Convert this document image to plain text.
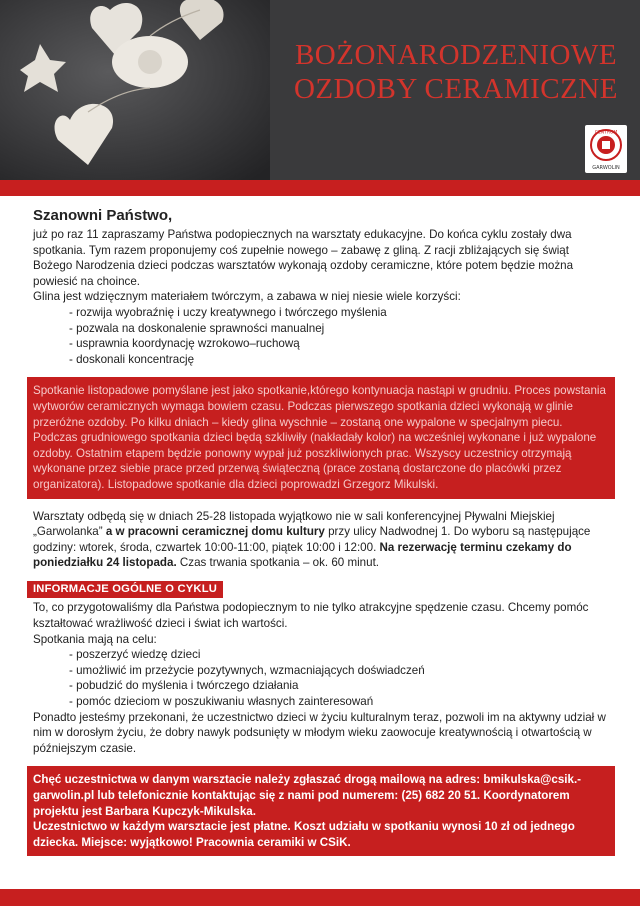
BOŻONARODZENIOWE
OZDOBY CERAMICZNE
CENTRUM
GARWOLIN
Szanowni Państwo,

już po raz 11 zapraszamy Państwa podopiecznych na warsztaty edukacyjne. Do końca cyklu zostały dwa spotkania. Tym razem proponujemy coś zupełnie nowego – zabawę z gliną. Z racji zbliżających się świąt Bożego Narodzenia dzieci podczas warsztatów wykonają ozdoby ceramiczne, które potem będzie można powiesić na choince.

Glina jest wdzięcznym materiałem twórczym, a zabawa w niej niesie wiele korzyści:

- rozwija wyobraźnię i uczy kreatywnego i twórczego myślenia
- pozwala na doskonalenie sprawności manualnej
- usprawnia koordynację wzrokowo–ruchową
- doskonali koncentrację
Spotkanie listopadowe pomyślane jest jako spotkanie,którego kontynuacja nastąpi w grudniu. Proces powstania wytworów ceramicznych wymaga bowiem czasu. Podczas pierwszego spotkania dzieci wykonają w glinie przeróżne ozdoby. Po kilku dniach – kiedy glina wyschnie – zostaną one wypalone w specjalnym piecu. Podczas grudniowego spotkania dzieci będą szkliwiły (nakładały kolor) na wcześniej wykonane i już wypalone ozdoby. Ostatnim etapem będzie ponowny wypał już poszkliwionych prac. Wszyscy uczestnicy otrzymają wykonane przez siebie prace przed przerwą świąteczną (prace zostaną dostarczone do placówki przez organizatora). Listopadowe spotkanie dla dzieci poprowadzi Grzegorz Mikulski.

Warsztaty odbędą się w dniach 25-28 listopada wyjątkowo nie w sali konferencyjnej Pływalni Miejskiej „Garwolanka” a w pracowni ceramicznej domu kultury przy ulicy Nadwodnej 1. Do wyboru są następujące godziny: wtorek, środa, czwartek 10:00-11:00, piątek 10:00 i 12:00. Na rezerwację terminu czekamy do poniedziałku 24 listopada. Czas trwania spotkania – ok. 60 minut.

INFORMACJE OGÓLNE O CYKLU

To, co przygotowaliśmy dla Państwa podopiecznym to nie tylko atrakcyjne spędzenie czasu. Chcemy pomóc kształtować wrażliwość dzieci i świat ich wartości.

Spotkania mają na celu:

- poszerzyć wiedzę dzieci
- umożliwić im przeżycie pozytywnych, wzmacniających doświadczeń
- pobudzić do myślenia i twórczego działania
- pomóc dzieciom w poszukiwaniu własnych zainteresowań

Ponadto jesteśmy przekonani, że uczestnictwo dzieci w życiu kulturalnym teraz, pozwoli im na aktywny udział w nim w dorosłym życiu, że dobry nawyk podsunięty w młodym wieku zaowocuje kreatywnością i otwartością w późniejszym czasie.

Chęć uczestnictwa w danym warsztacie należy zgłaszać drogą mailową na adres: bmikulska@csik.-garwolin.pl lub telefonicznie kontaktując się z nami pod numerem: (25) 682 20 51. Koordynatorem projektu jest Barbara Kupczyk-Mikulska.
Uczestnictwo w każdym warsztacie jest płatne. Koszt udziału w spotkaniu wynosi 10 zł od jednego dziecka. Miejsce: wyjątkowo! Pracownia ceramiki w CSiK.
